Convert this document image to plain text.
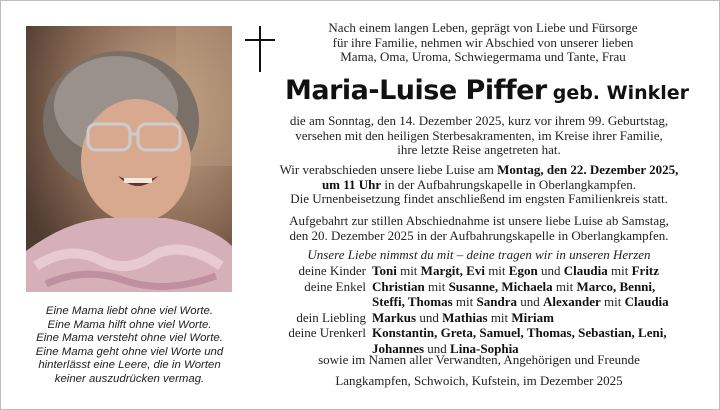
Eine Mama liebt ohne viel Worte.
Eine Mama hilft ohne viel Worte.
Eine Mama versteht ohne viel Worte.
Eine Mama geht ohne viel Worte und
hinterlässt eine Leere, die in Worten
keiner auszudrücken vermag.
Nach einem langen Leben, geprägt von Liebe und Fürsorge
für ihre Familie, nehmen wir Abschied von unserer lieben
Mama, Oma, Uroma, Schwiegermama und Tante, Frau
Maria-Luise Piffer geb. Winkler
die am Sonntag, den 14. Dezember 2025, kurz vor ihrem 99. Geburtstag,
versehen mit den heiligen Sterbesakramenten, im Kreise ihrer Familie,
ihre letzte Reise angetreten hat.
Wir verabschieden unsere liebe Luise am Montag, den 22. Dezember 2025,
um 11 Uhr in der Aufbahrungskapelle in Oberlangkampfen.
Die Urnenbeisetzung findet anschließend im engsten Familienkreis statt.
Aufgebahrt zur stillen Abschiednahme ist unsere liebe Luise ab Samstag,
den 20. Dezember 2025 in der Aufbahrungskapelle in Oberlangkampfen.
Unsere Liebe nimmst du mit – deine tragen wir in unseren Herzen
deine Kinder	Toni mit Margit, Evi mit Egon und Claudia mit Fritz
deine Enkel	Christian mit Susanne, Michaela mit Marco, Benni,
	Steffi, Thomas mit Sandra und Alexander mit Claudia
dein Liebling	Markus und Mathias mit Miriam
deine Urenkerl	Konstantin, Greta, Samuel, Thomas, Sebastian, Leni,
	Johannes und Lina-Sophia
sowie im Namen aller Verwandten, Angehörigen und Freunde
Langkampfen, Schwoich, Kufstein, im Dezember 2025
